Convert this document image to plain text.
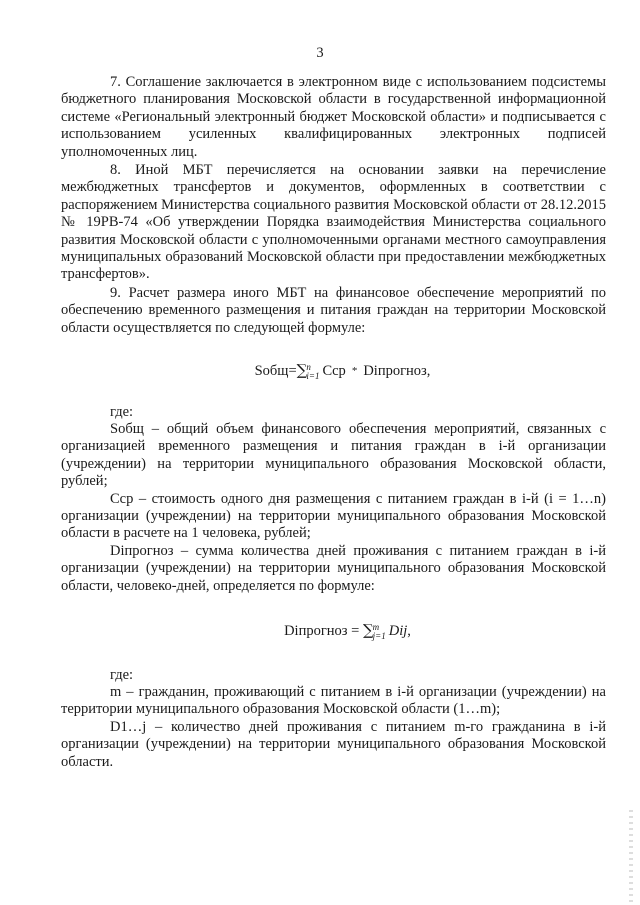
3

7. Соглашение заключается в электронном виде с использованием подсистемы бюджетного планирования Московской области в государственной информационной системе «Региональный электронный бюджет Московской области» и подписывается с использованием усиленных квалифицированных электронных подписей уполномоченных лиц.

8. Иной МБТ перечисляется на основании заявки на перечисление межбюджетных трансфертов и документов, оформленных в соответствии с распоряжением Министерства социального развития Московской области от 28.12.2015 № 19РВ-74 «Об утверждении Порядка взаимодействия Министерства социального развития Московской области с уполномоченными органами местного самоуправления муниципальных образований Московской области при предоставлении межбюджетных трансфертов».

9. Расчет размера иного МБТ на финансовое обеспечение мероприятий по обеспечению временного размещения и питания граждан на территории Московской области осуществляется по следующей формуле:

Sобщ=∑ n
i=1 Ccp * Diпрогноз,

где:

Sобщ – общий объем финансового обеспечения мероприятий, связанных с организацией временного размещения и питания граждан в i-й организации (учреждении) на территории муниципального образования Московской области, рублей;

Ccp – стоимость одного дня размещения с питанием граждан в i-й (i = 1…n) организации (учреждении) на территории муниципального образования Московской области в расчете на 1 человека, рублей;

Diпрогноз – сумма количества дней проживания с питанием граждан в i-й организации (учреждении) на территории муниципального образования Московской области, человеко-дней, определяется по формуле:

Diпрогноз = ∑ m
j=1 Dij,

где:

m – гражданин, проживающий с питанием в i-й организации (учреждении) на территории муниципального образования Московской области (1…m);

D1…j – количество дней проживания с питанием m-го гражданина в i-й организации (учреждении) на территории муниципального образования Московской области.
